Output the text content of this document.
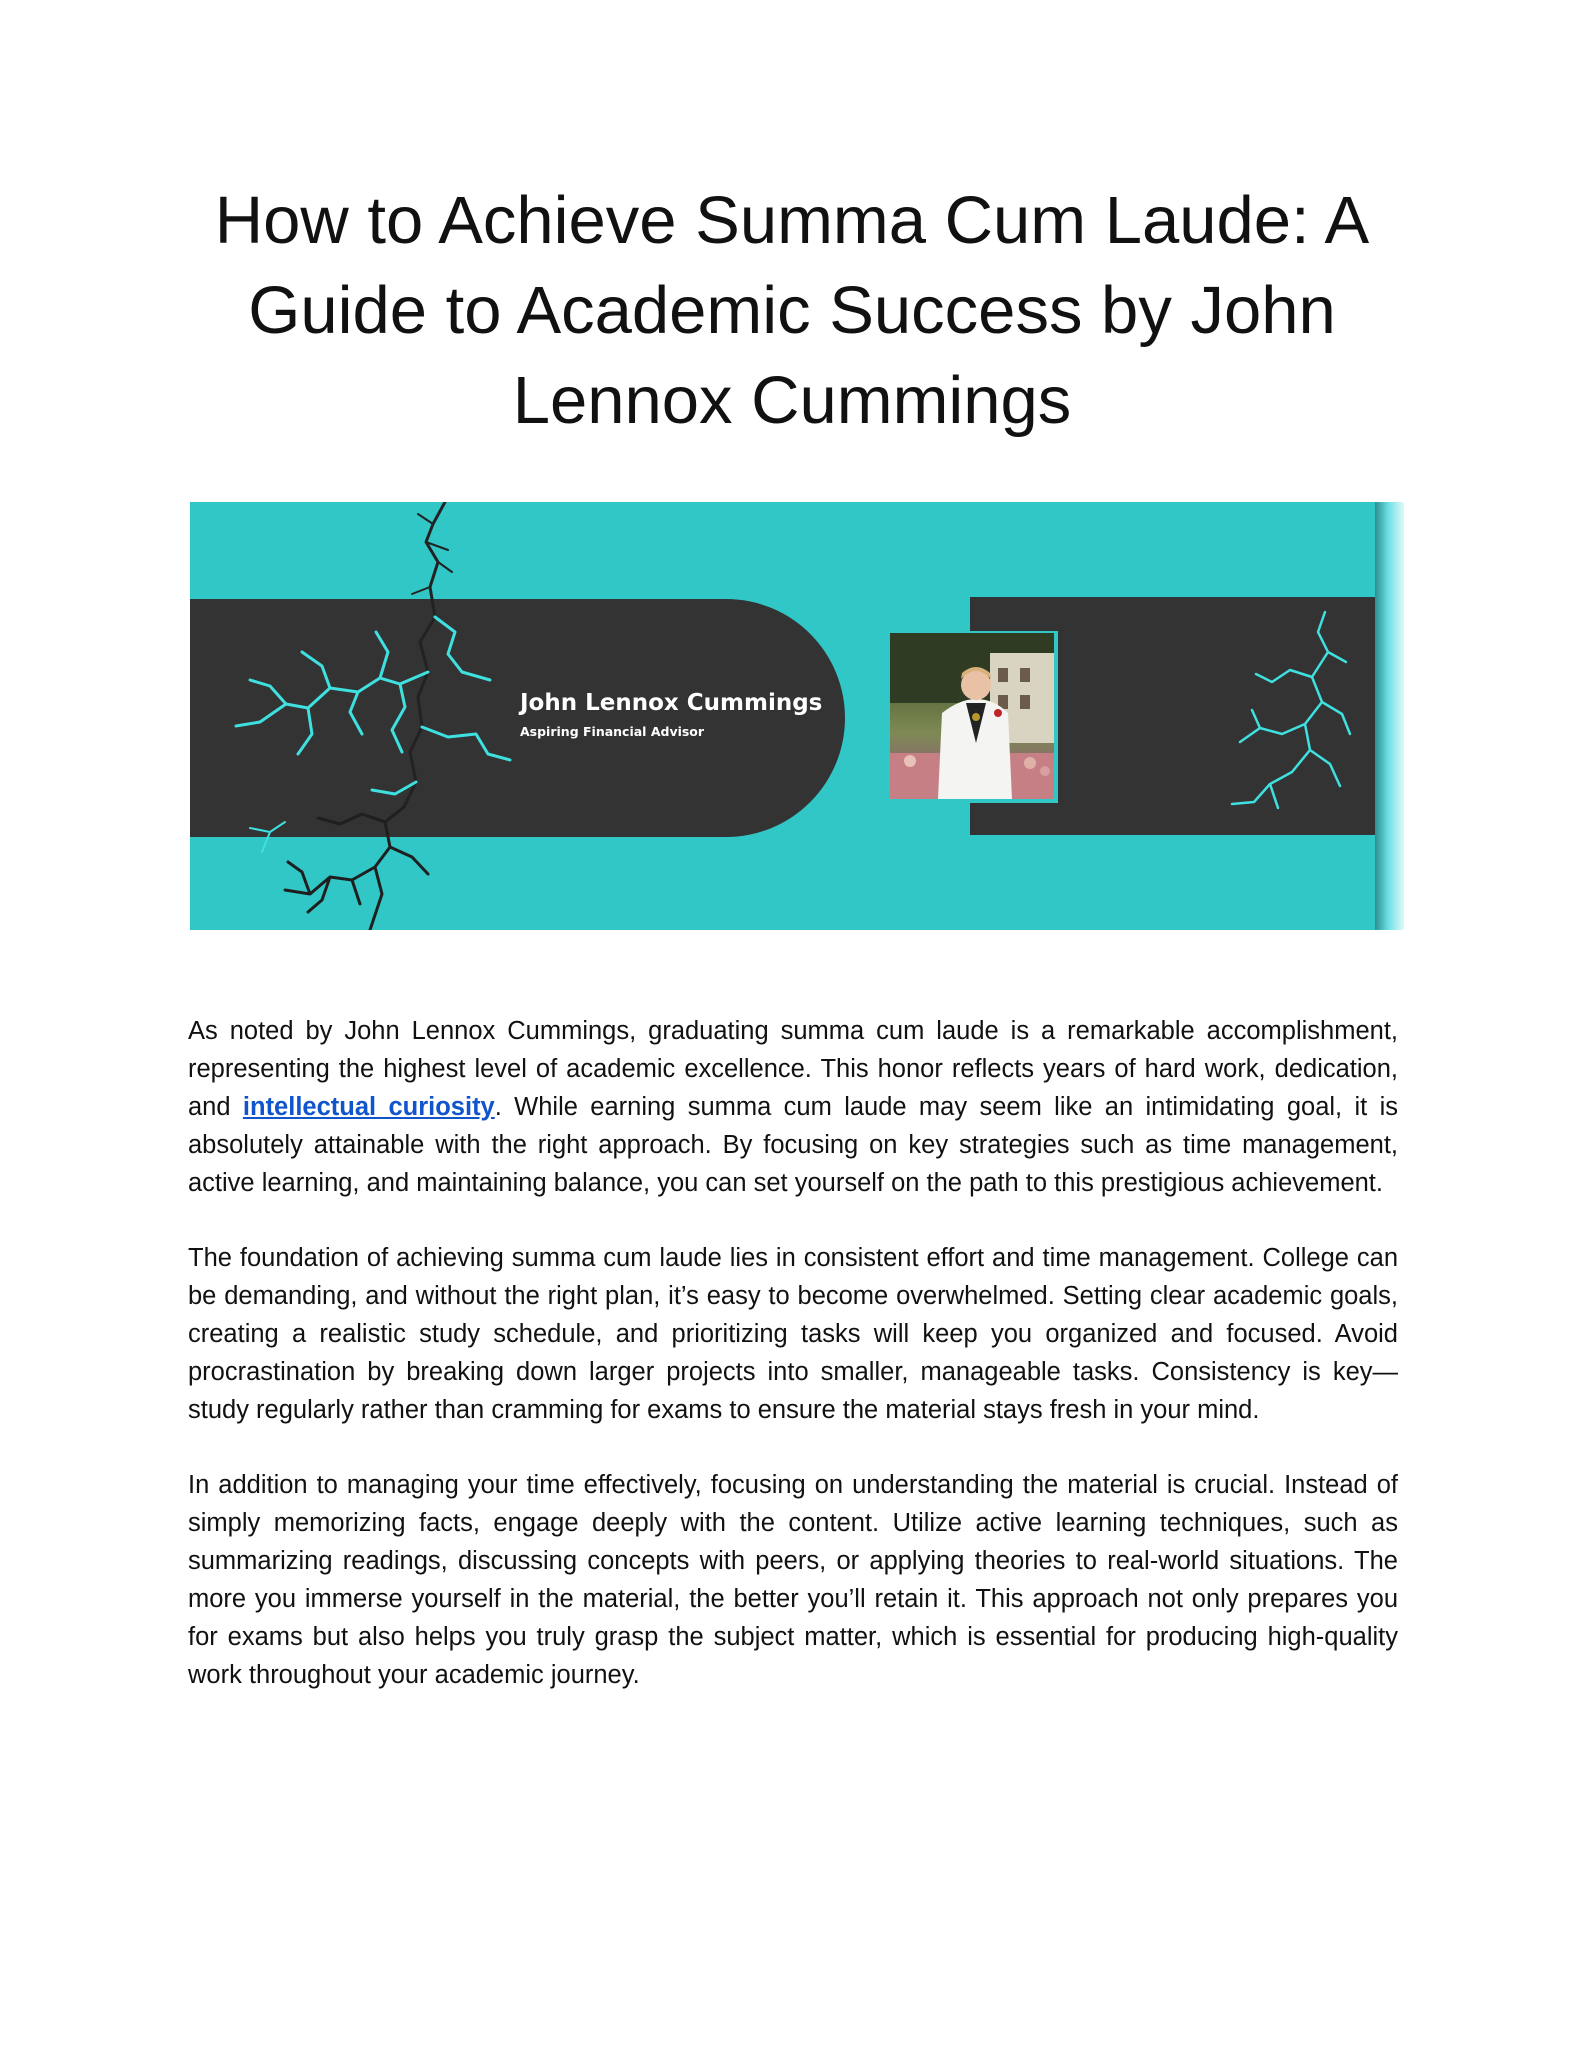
How to Achieve Summa Cum Laude: A Guide to Academic Success by John Lennox Cummings
John Lennox Cummings
Aspiring Financial Advisor

As noted by John Lennox Cummings, graduating summa cum laude is a remarkable accomplishment, representing the highest level of academic excellence. This honor reflects years of hard work, dedication, and intellectual curiosity. While earning summa cum laude may seem like an intimidating goal, it is absolutely attainable with the right approach. By focusing on key strategies such as time management, active learning, and maintaining balance, you can set yourself on the path to this prestigious achievement.

The foundation of achieving summa cum laude lies in consistent effort and time management. College can be demanding, and without the right plan, it’s easy to become overwhelmed. Setting clear academic goals, creating a realistic study schedule, and prioritizing tasks will keep you organized and focused. Avoid procrastination by breaking down larger projects into smaller, manageable tasks. Consistency is key—study regularly rather than cramming for exams to ensure the material stays fresh in your mind.

In addition to managing your time effectively, focusing on understanding the material is crucial. Instead of simply memorizing facts, engage deeply with the content. Utilize active learning techniques, such as summarizing readings, discussing concepts with peers, or applying theories to real-world situations. The more you immerse yourself in the material, the better you’ll retain it. This approach not only prepares you for exams but also helps you truly grasp the subject matter, which is essential for producing high-quality work throughout your academic journey.
